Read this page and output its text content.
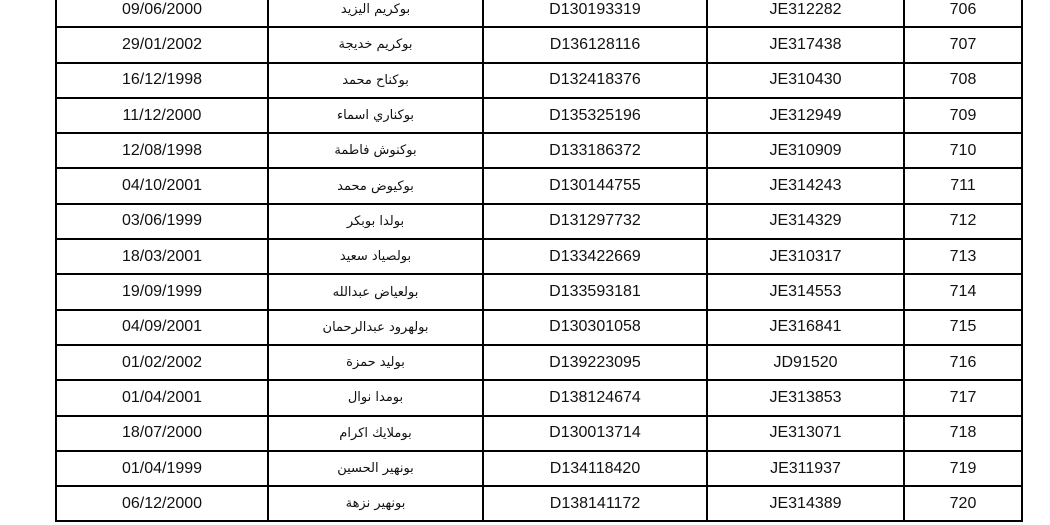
09/06/2000	بوكريم اليزيد	D130193319	JE312282	706
29/01/2002	بوكريم خديجة	D136128116	JE317438	707
16/12/1998	بوكناح محمد	D132418376	JE310430	708
11/12/2000	بوكناري اسماء	D135325196	JE312949	709
12/08/1998	بوكنوش فاطمة	D133186372	JE310909	710
04/10/2001	بوكيوض محمد	D130144755	JE314243	711
03/06/1999	بولدا بوبكر	D131297732	JE314329	712
18/03/2001	بولصياد سعيد	D133422669	JE310317	713
19/09/1999	بولعياض عبدالله	D133593181	JE314553	714
04/09/2001	بولهرود عبدالرحمان	D130301058	JE316841	715
01/02/2002	بوليد حمزة	D139223095	JD91520	716
01/04/2001	بومدا نوال	D138124674	JE313853	717
18/07/2000	بوملايك اكرام	D130013714	JE313071	718
01/04/1999	بونهير الحسين	D134118420	JE311937	719
06/12/2000	بونهير نزهة	D138141172	JE314389	720
